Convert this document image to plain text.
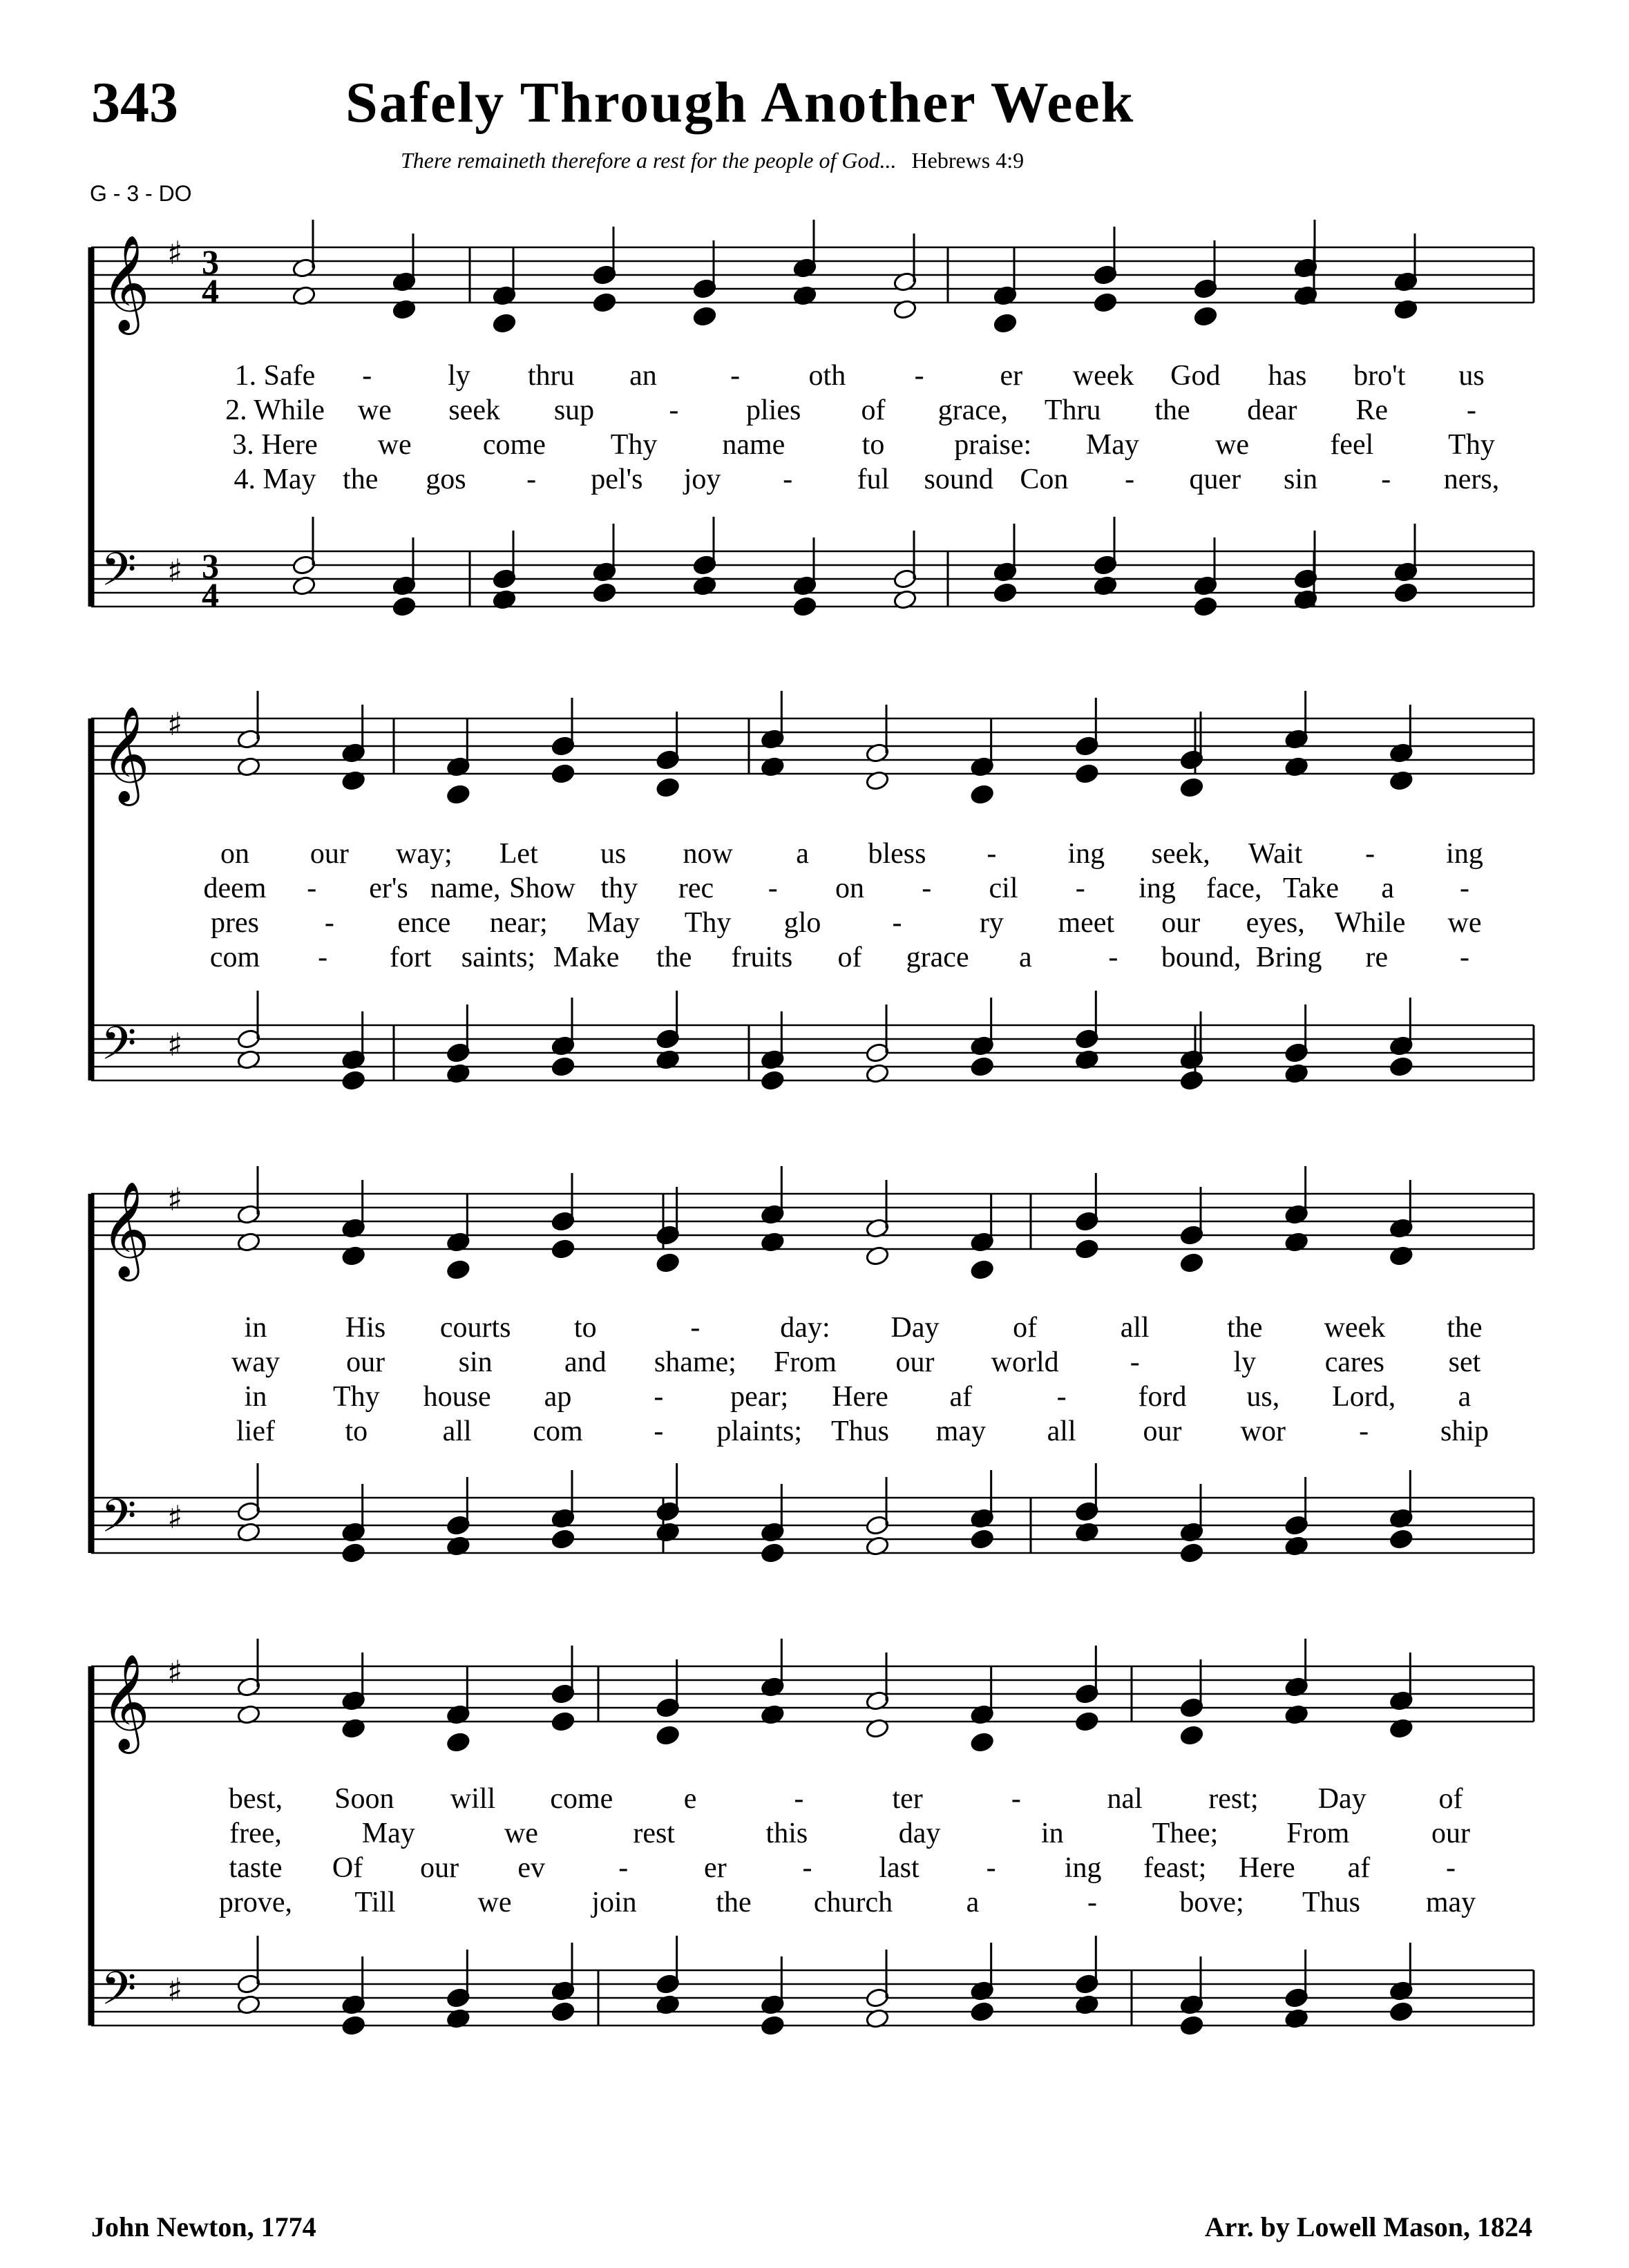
343	Safely Through Another Week
There remaineth therefore a rest for the people of God... Hebrews 4:9
G - 3 - DO
𝄞
𝄢
♯
♯
3
4
3
4
𝄞
𝄢
♯
♯
𝄞
𝄢
♯
♯
𝄞
𝄢
♯
♯
1. Safe -	ly thru an	- oth -	er week God has bro't us
2. While we seek sup	- plies of grace, Thru the dear Re	-
3. Here we come Thy name	to praise: May	we	feel	Thy
4. May the gos - pel's joy - ful sound Con - quer sin - ners,
on our way; Let us now a bless - ing seek, Wait - ing
deem - er's name, Show thy rec - on - cil - ing face, Take a -
pres - ence near; May Thy glo -	ry meet our eyes, While we
com - fort saints; Make the fruits of grace a	- bound, Bring re -
in	His courts to	-	day: Day	of	all	the week the
way our	sin and shame; From our world -	ly cares set
in Thy house ap	- pear; Here af	- ford us, Lord, a
lief to	all com - plaints; Thus may all our wor	- ship
best, Soon will come e	-	ter	-	nal rest; Day of
free,	May	we	rest	this	day	in	Thee; From	our
taste Of our ev	-	er	- last - ing feast; Here af	-
prove, Till	we	join	the church	a	-	bove; Thus may
John Newton, 1774	Arr. by Lowell Mason, 1824
